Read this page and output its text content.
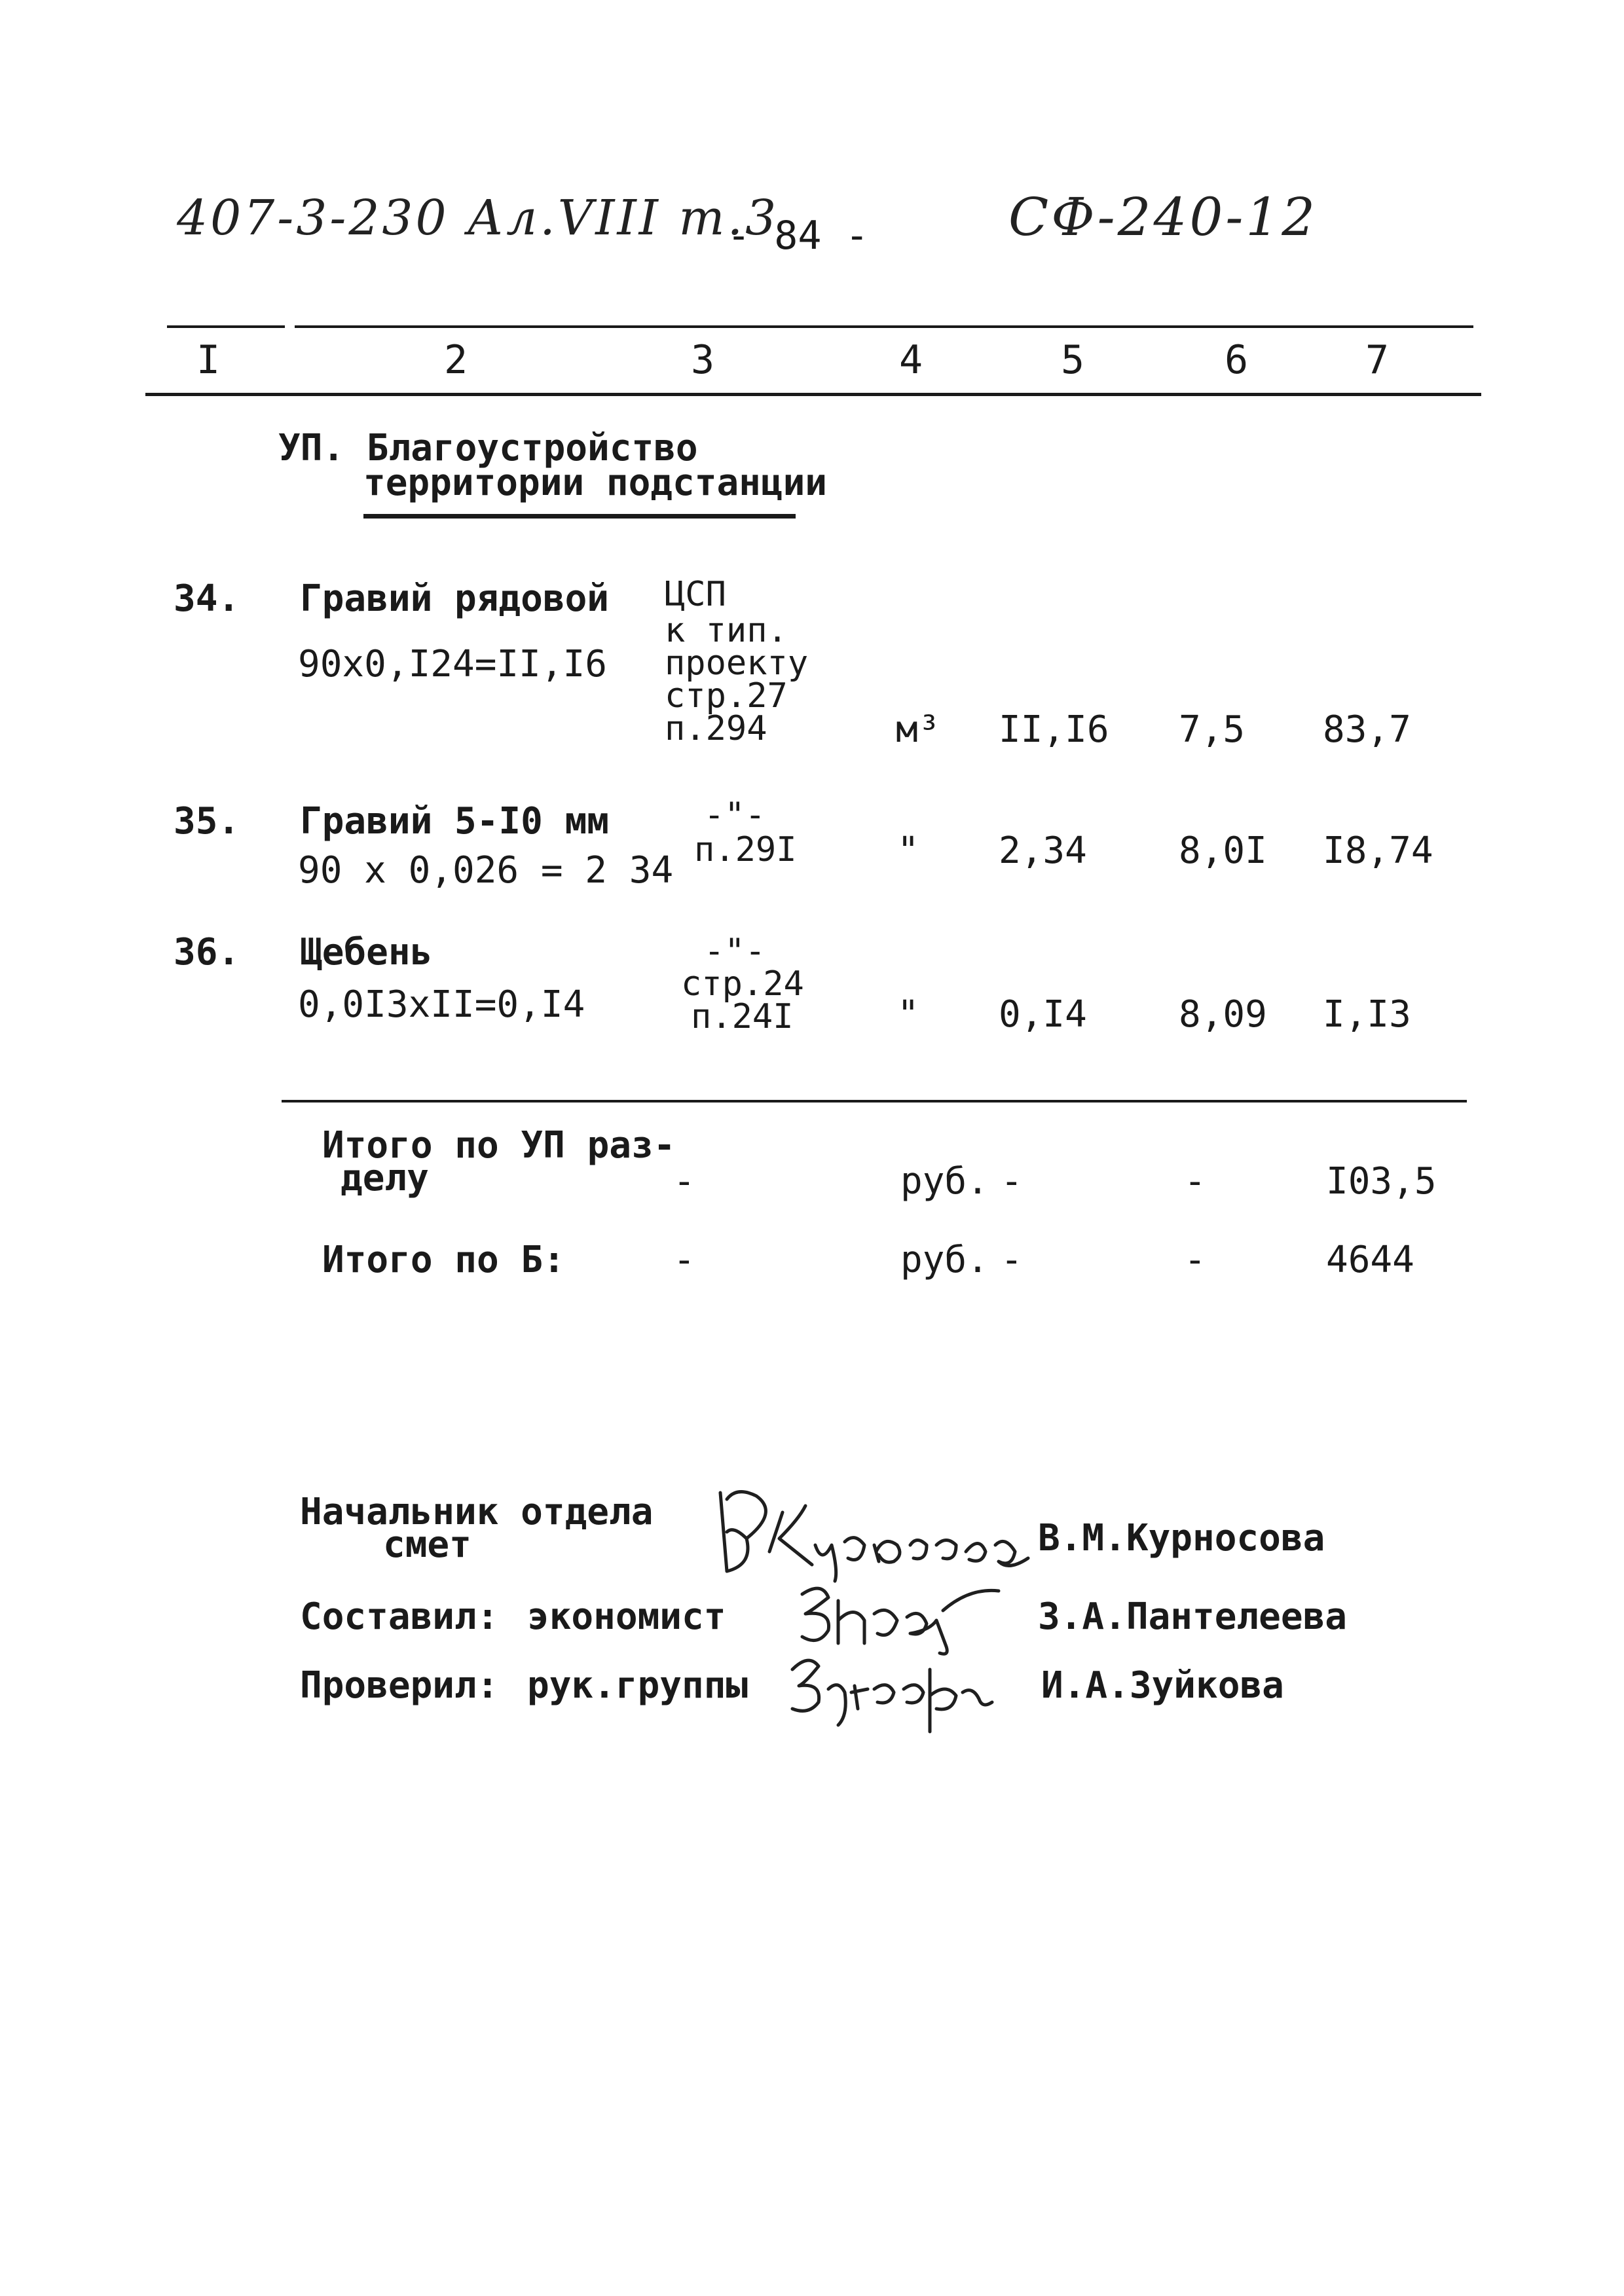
407-3-230 Ал.VIII т.3
- 84 -	СФ-240-12
I	2	3	4	5	6	7
УП. Благоустройство
территории подстанции
34. Гравий рядовой
90x0,I24=II,I6
ЦСП
к тип.
проекту
стр.27
п.294	м³ II,I6 7,5 83,7
35. Гравий 5-I0 мм
90 x 0,026 = 2 34
-"-
п.29I	" 2,34	8,0I I8,74
36. Щебень
0,0I3xII=0,I4
-"-
стр.24
п.24I	" 0,I4	8,09 I,I3
Итого по УП раз-
делу	-	руб. -	-	I03,5
Итого по Б:	-	руб. -	-	4644
Начальник отдела
смет	В.М.Курносова
Составил: экономист	З.А.Пантелеева
Проверил: рук.группы	И.А.Зуйкова
